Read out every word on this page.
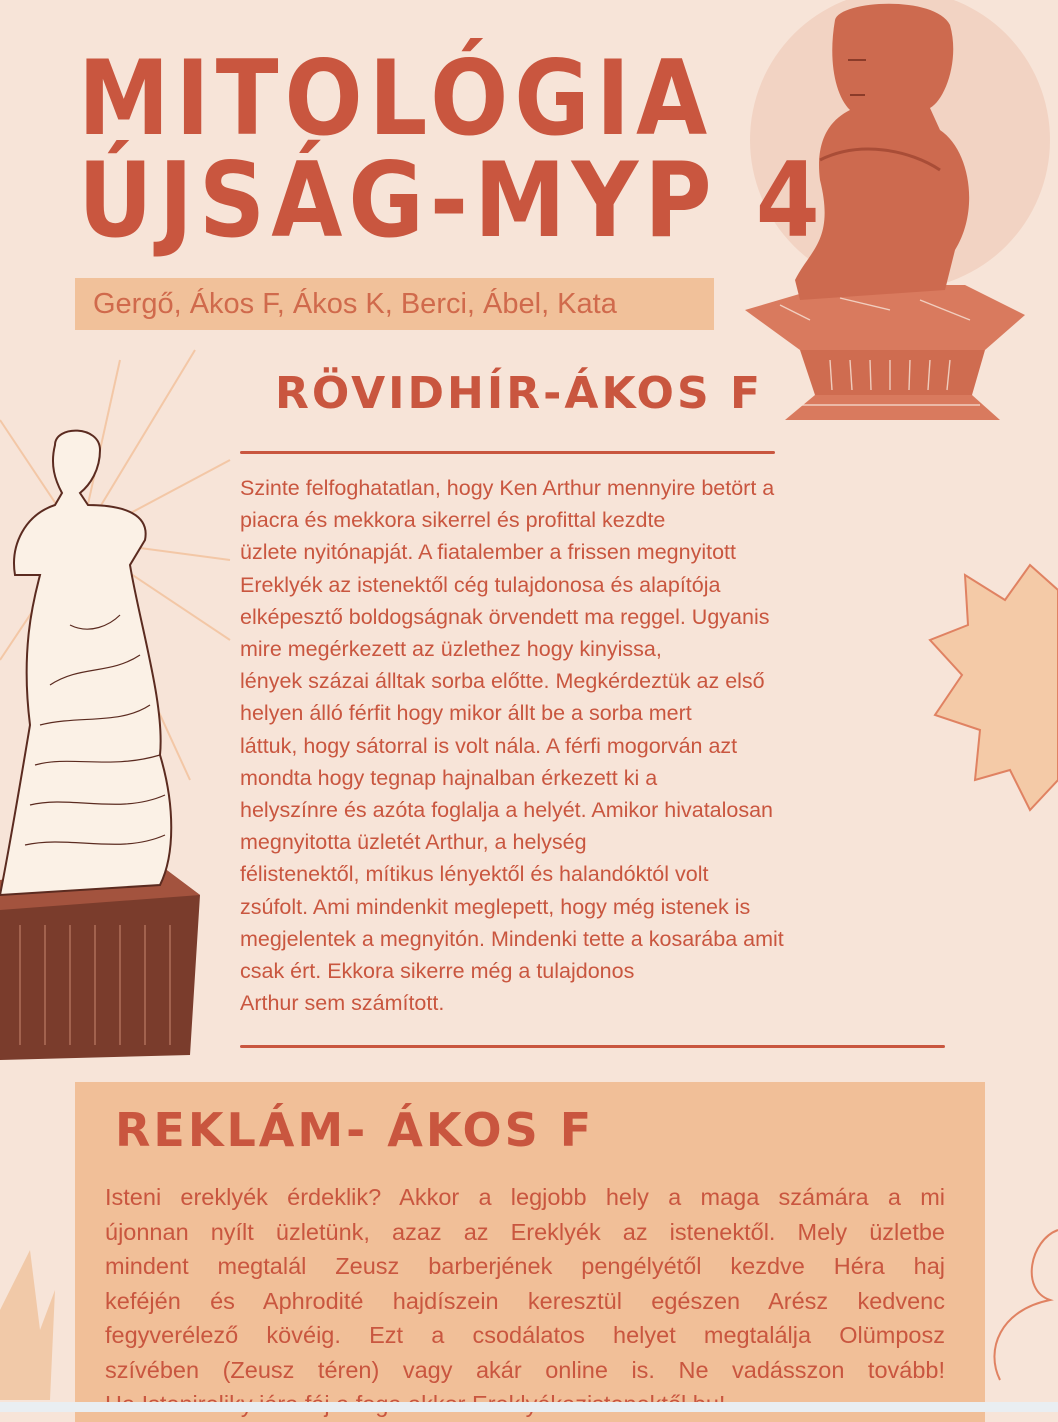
MITOLÓGIA
ÚJSÁG-MYP 4
Gergő, Ákos F, Ákos K, Berci, Ábel, Kata
RÖVIDHÍR-ÁKOS F
Szinte felfoghatatlan, hogy Ken Arthur mennyire betört a
piacra és mekkora sikerrel és profittal kezdte
üzlete nyitónapját. A fiatalember a frissen megnyitott
Ereklyék az istenektől cég tulajdonosa és alapítója
elképesztő boldogságnak örvendett ma reggel. Ugyanis
mire megérkezett az üzlethez hogy kinyissa,
lények százai álltak sorba előtte. Megkérdeztük az első
helyen álló férfit hogy mikor állt be a sorba mert
láttuk, hogy sátorral is volt nála. A férfi mogorván azt
mondta hogy tegnap hajnalban érkezett ki a
helyszínre és azóta foglalja a helyét. Amikor hivatalosan
megnyitotta üzletét Arthur, a helység
félistenektől, mítikus lényektől és halandóktól volt
zsúfolt. Ami mindenkit meglepett, hogy még istenek is
megjelentek a megnyitón. Mindenki tette a kosarába amit
csak ért. Ekkora sikerre még a tulajdonos
Arthur sem számított.
REKLÁM- ÁKOS F
Isteni ereklyék érdeklik? Akkor a legjobb hely a maga számára a mi
újonnan nyílt üzletünk, azaz az Ereklyék az istenektől. Mely üzletbe
mindent megtalál Zeusz barberjének pengélyétől kezdve Héra haj
keféjén és Aphrodité hajdíszein keresztül egészen Arész kedvenc
fegyverélező kövéig. Ezt a csodálatos helyet megtalálja Olümposz
szívében (Zeusz téren) vagy akár online is. Ne vadásszon tovább!
